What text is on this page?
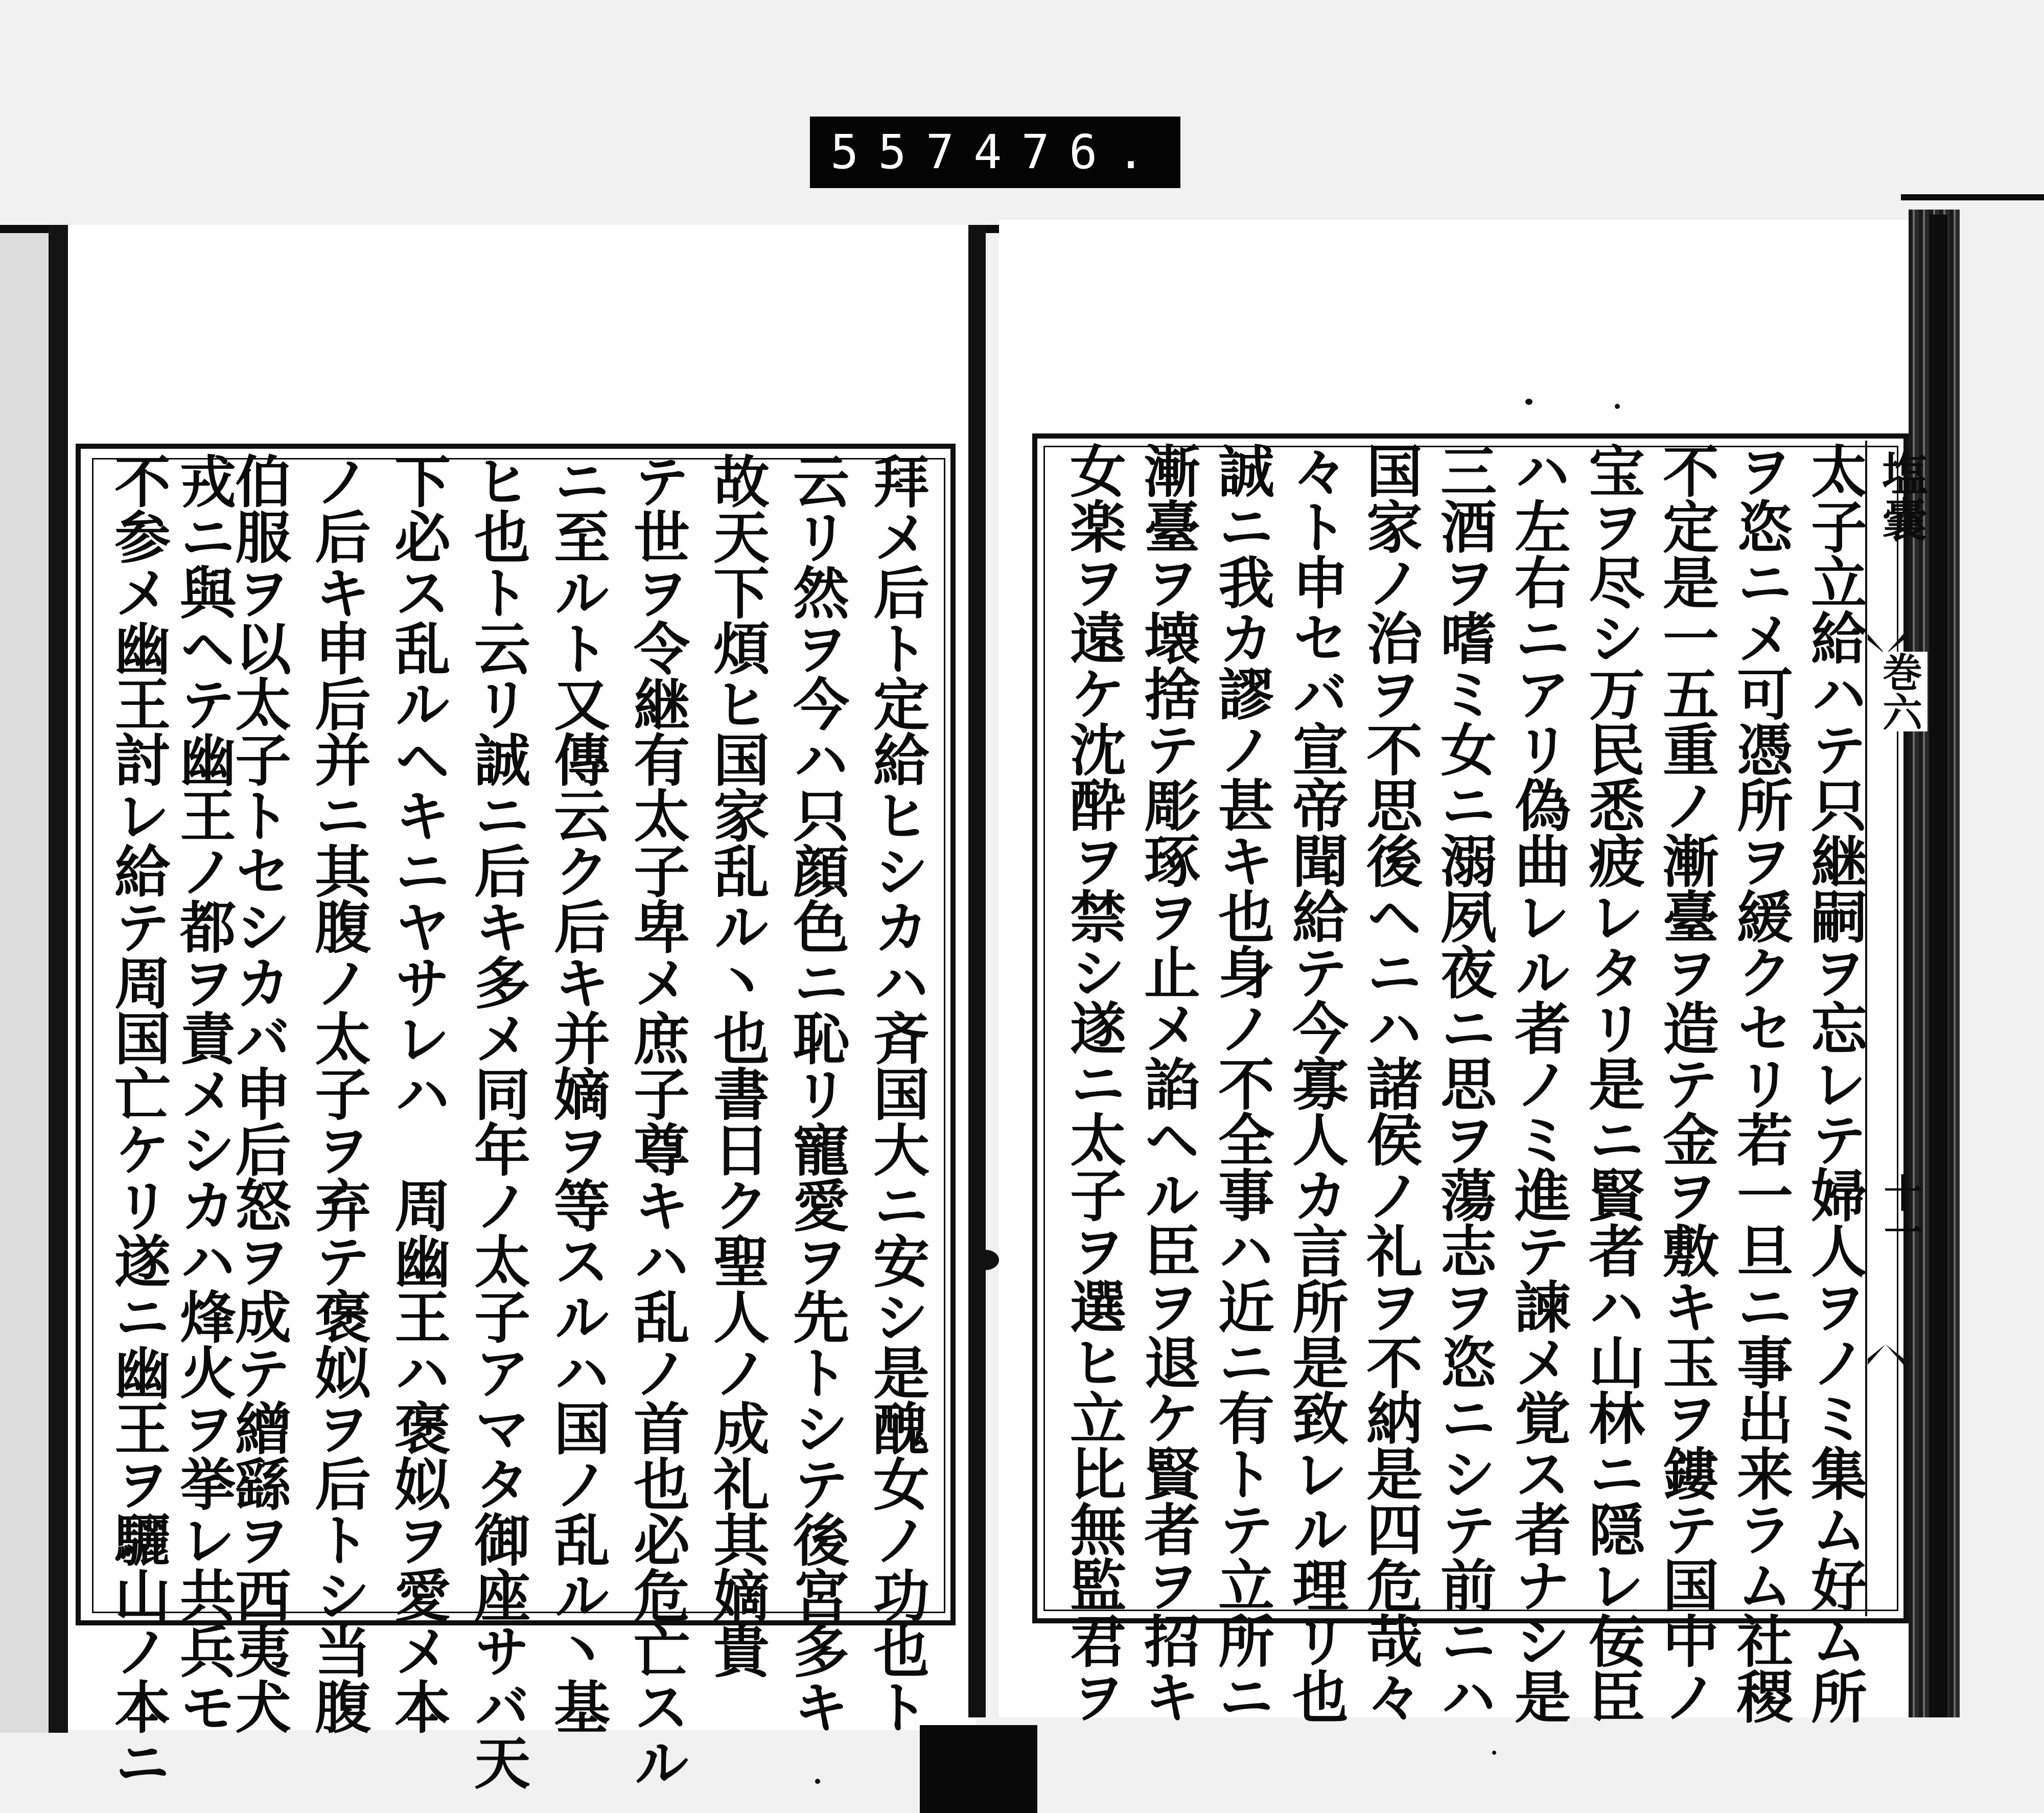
557 476.
拜メ后ト定給ヒシカハ斉国大ニ安シ是醜女ノ功也ト
云リ然ヲ今ハ只顔色ニ恥リ寵愛ヲ先トシテ後宮多キ
故天下煩ヒ国家乱ル丶也書日ク聖人ノ成礼其嫡貴
テ世ヲ令継有太子卑メ庶子尊キハ乱ノ首也必危亡スル
ニ至ルト又傳云ク后キ并嫡ヲ等スルハ国ノ乱ル丶基
ヒ也ト云リ誠ニ后キ多メ同年ノ太子アマタ御座サバ天
下必ス乱ルヘキニヤサレハ　周幽王ハ褒姒ヲ愛メ本
ノ后キ申后并ニ其腹ノ太子ヲ弃テ褒姒ヲ后トシ当腹
伯服ヲ以太子トセシカバ申后怒ヲ成テ繒繇ヲ西夷犬
戎ニ與ヘテ幽王ノ都ヲ責メシカハ烽火ヲ挙レ共兵モ
不参メ幽王討レ給テ周国亡ケリ遂ニ幽王ヲ驪山ノ本ニ	太子立給ハテ只継嗣ヲ忘レテ婦人ヲノミ集ム好ム所
ヲ恣ニメ可憑所ヲ緩クセリ若一旦ニ事出来ラム社稷
不定是一五重ノ漸臺ヲ造テ金ヲ敷キ玉ヲ鏤テ国中ノ
宝ヲ尽シ万民悉疲レタリ是ニ賢者ハ山林ニ隠レ佞臣
ハ左右ニアリ偽曲レル者ノミ進テ諫メ覚ス者ナシ是
三酒ヲ嗜ミ女ニ溺夙夜ニ思ヲ蕩志ヲ恣ニシテ前ニハ
国家ノ治ヲ不思後ヘニハ諸侯ノ礼ヲ不納是四危哉々
々ト申セバ宣帝聞給テ今寡人カ言所是致レル理リ也
誠ニ我カ謬ノ甚キ也身ノ不全事ハ近ニ有トテ立所ニ
漸臺ヲ壊捨テ彫琢ヲ止メ諂ヘル臣ヲ退ケ賢者ヲ招キ
女楽ヲ遠ケ沈酔ヲ禁シ遂ニ太子ヲ選ヒ立比無監君ヲ	塩嚢
巻六
十一
